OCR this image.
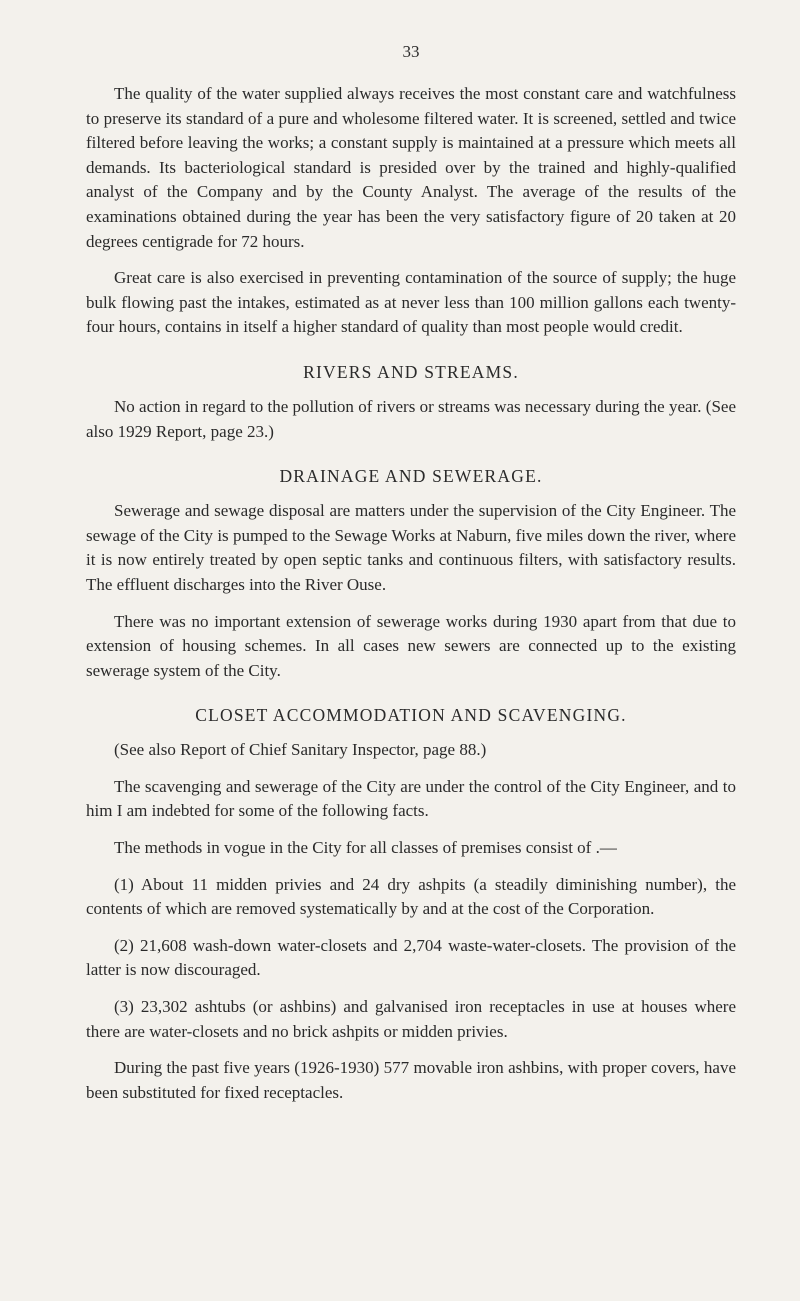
33

The quality of the water supplied always receives the most constant care and watchfulness to preserve its standard of a pure and wholesome filtered water. It is screened, settled and twice filtered before leaving the works; a constant supply is maintained at a pressure which meets all demands. Its bacteriological standard is presided over by the trained and highly-qualified analyst of the Company and by the County Analyst. The average of the results of the examinations obtained during the year has been the very satisfactory figure of 20 taken at 20 degrees centigrade for 72 hours.

Great care is also exercised in preventing contamination of the source of supply; the huge bulk flowing past the intakes, estimated as at never less than 100 million gallons each twenty-four hours, contains in itself a higher standard of quality than most people would credit.

RIVERS AND STREAMS.

No action in regard to the pollution of rivers or streams was necessary during the year. (See also 1929 Report, page 23.)

DRAINAGE AND SEWERAGE.

Sewerage and sewage disposal are matters under the supervision of the City Engineer. The sewage of the City is pumped to the Sewage Works at Naburn, five miles down the river, where it is now entirely treated by open septic tanks and continuous filters, with satisfactory results. The effluent discharges into the River Ouse.

There was no important extension of sewerage works during 1930 apart from that due to extension of housing schemes. In all cases new sewers are connected up to the existing sewerage system of the City.

CLOSET ACCOMMODATION AND SCAVENGING.

(See also Report of Chief Sanitary Inspector, page 88.)

The scavenging and sewerage of the City are under the control of the City Engineer, and to him I am indebted for some of the following facts.

The methods in vogue in the City for all classes of premises consist of .—

(1) About 11 midden privies and 24 dry ashpits (a steadily diminishing number), the contents of which are removed systematically by and at the cost of the Corporation.

(2) 21,608 wash-down water-closets and 2,704 waste-water-closets. The provision of the latter is now discouraged.

(3) 23,302 ashtubs (or ashbins) and galvanised iron receptacles in use at houses where there are water-closets and no brick ashpits or midden privies.

During the past five years (1926-1930) 577 movable iron ashbins, with proper covers, have been substituted for fixed receptacles.
